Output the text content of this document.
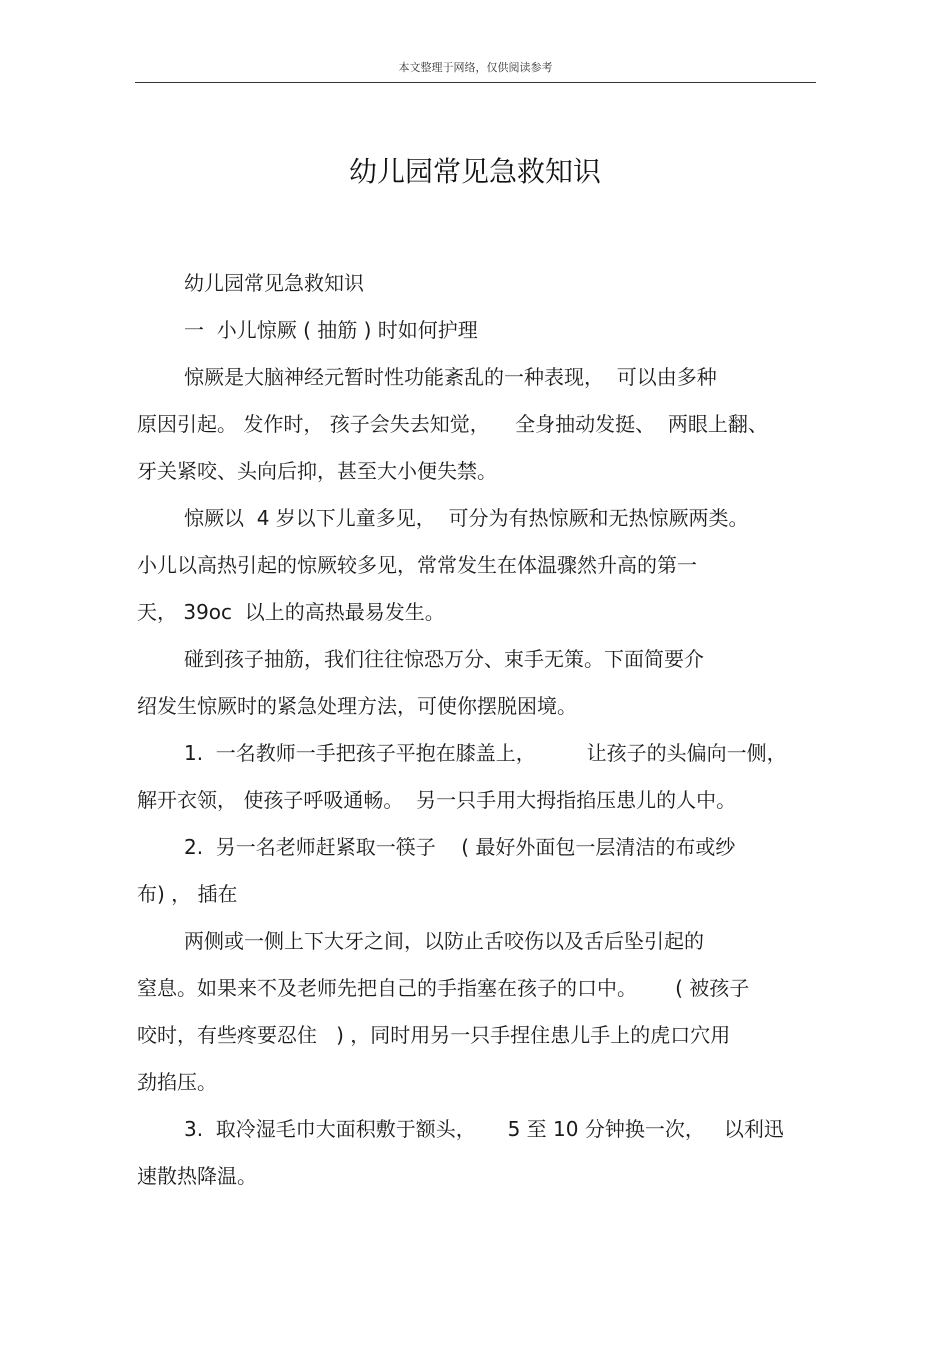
本文整理于网络，仅供阅读参考
幼儿园常见急救知识
幼儿园常见急救知识
一  小儿惊厥 ( 抽筋 ) 时如何护理
惊厥是大脑神经元暂时性功能紊乱的一种表现，  可以由多种
原因引起。 发作时， 孩子会失去知觉，    全身抽动发挺、  两眼上翻、
牙关紧咬、头向后抑，甚至大小便失禁。
惊厥以  4 岁以下儿童多见，  可分为有热惊厥和无热惊厥两类。
小儿以高热引起的惊厥较多见，常常发生在体温骤然升高的第一
天， 39oc  以上的高热最易发生。
碰到孩子抽筋，我们往往惊恐万分、束手无策。下面简要介
绍发生惊厥时的紧急处理方法，可使你摆脱困境。
1.  一名教师一手把孩子平抱在膝盖上，        让孩子的头偏向一侧，
解开衣领， 使孩子呼吸通畅。  另一只手用大拇指掐压患儿的人中。
2.  另一名老师赶紧取一筷子    ( 最好外面包一层清洁的布或纱
布) ， 插在
两侧或一侧上下大牙之间，以防止舌咬伤以及舌后坠引起的
窒息。如果来不及老师先把自己的手指塞在孩子的口中。      ( 被孩子
咬时，有些疼要忍住   ) ，同时用另一只手捏住患儿手上的虎口穴用
劲掐压。
3.  取冷湿毛巾大面积敷于额头，     5 至 10 分钟换一次，   以利迅
速散热降温。
